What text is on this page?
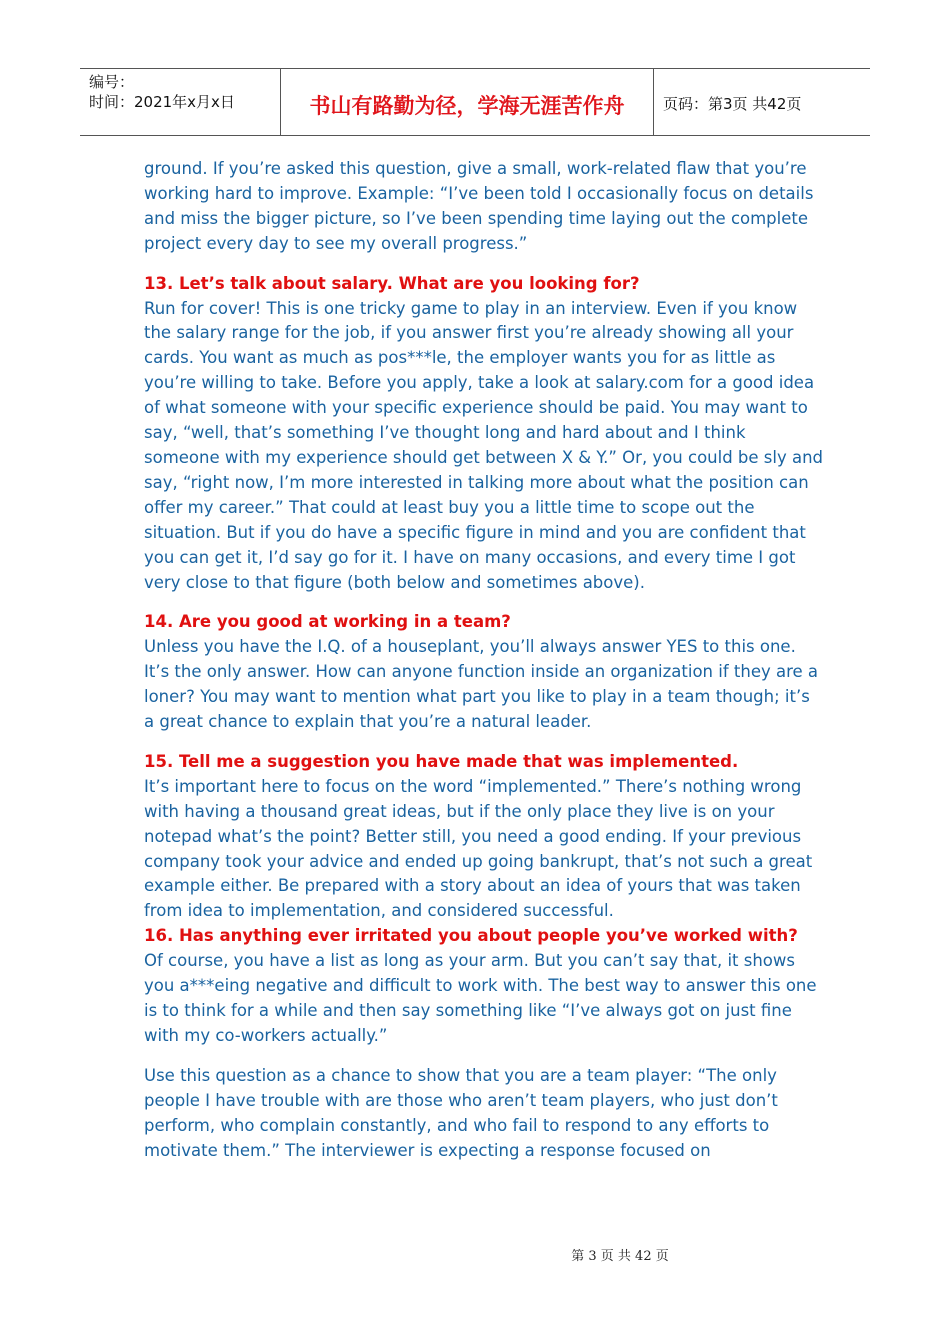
编号：
时间：2021年x月x日	书山有路勤为径，学海无涯苦作舟	页码：第3页 共42页

ground. If you’re asked this question, give a small, work-related flaw that you’re working hard to improve. Example: “I’ve been told I occasionally focus on details and miss the bigger picture, so I’ve been spending time laying out the complete project every day to see my overall progress.”

13. Let’s talk about salary. What are you looking for?

Run for cover! This is one tricky game to play in an interview. Even if you know the salary range for the job, if you answer first you’re already showing all your cards. You want as much as pos***le, the employer wants you for as little as you’re willing to take. Before you apply, take a look at salary.com for a good idea of what someone with your specific experience should be paid. You may want to say, “well, that’s something I’ve thought long and hard about and I think someone with my experience should get between X & Y.” Or, you could be sly and say, “right now, I’m more interested in talking more about what the position can offer my career.” That could at least buy you a little time to scope out the situation. But if you do have a specific figure in mind and you are confident that you can get it, I’d say go for it. I have on many occasions, and every time I got very close to that figure (both below and sometimes above).

14. Are you good at working in a team?

Unless you have the I.Q. of a houseplant, you’ll always answer YES to this one. It’s the only answer. How can anyone function inside an organization if they are a loner? You may want to mention what part you like to play in a team though; it’s a great chance to explain that you’re a natural leader.

15. Tell me a suggestion you have made that was implemented.

It’s important here to focus on the word “implemented.” There’s nothing wrong with having a thousand great ideas, but if the only place they live is on your notepad what’s the point? Better still, you need a good ending. If your previous company took your advice and ended up going bankrupt, that’s not such a great example either. Be prepared with a story about an idea of yours that was taken from idea to implementation, and considered successful.

16. Has anything ever irritated you about people you’ve worked with?

Of course, you have a list as long as your arm. But you can’t say that, it shows you a***eing negative and difficult to work with. The best way to answer this one is to think for a while and then say something like “I’ve always got on just fine with my co-workers actually.”

Use this question as a chance to show that you are a team player: “The only people I have trouble with are those who aren’t team players, who just don’t perform, who complain constantly, and who fail to respond to any efforts to motivate them.” The interviewer is expecting a response focused on

第 3 页 共 42 页
